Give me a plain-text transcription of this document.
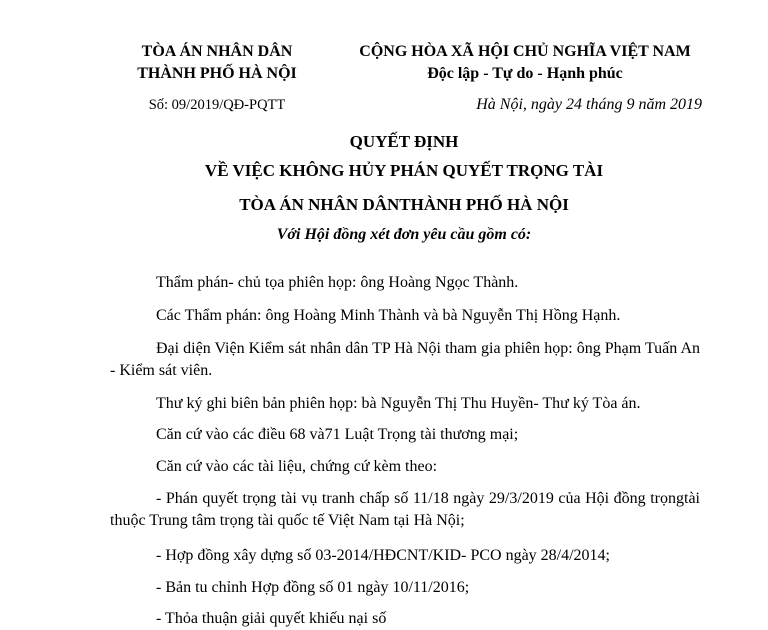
TÒA ÁN NHÂN DÂN
THÀNH PHỐ HÀ NỘI
CỘNG HÒA XÃ HỘI CHỦ NGHĨA VIỆT NAM
Độc lập - Tự do - Hạnh phúc
Số: 09/2019/QĐ-PQTT	Hà Nội, ngày 24 tháng 9 năm 2019
QUYẾT ĐỊNH
VỀ VIỆC KHÔNG HỦY PHÁN QUYẾT TRỌNG TÀI
TÒA ÁN NHÂN DÂNTHÀNH PHỐ HÀ NỘI
Với Hội đồng xét đơn yêu cầu gồm có:
Thẩm phán- chủ tọa phiên họp: ông Hoàng Ngọc Thành.
Các Thẩm phán: ông Hoàng Minh Thành và bà Nguyễn Thị Hồng Hạnh.
Đại diện Viện Kiểm sát nhân dân TP Hà Nội tham gia phiên họp: ông Phạm Tuấn An - Kiểm sát viên.
Thư ký ghi biên bản phiên họp: bà Nguyễn Thị Thu Huyền- Thư ký Tòa án.
Căn cứ vào các điều 68 và71 Luật Trọng tài thương mại;
Căn cứ vào các tài liệu, chứng cứ kèm theo:
- Phán quyết trọng tài vụ tranh chấp số 11/18 ngày 29/3/2019 của Hội đồng trọngtài thuộc Trung tâm trọng tài quốc tế Việt Nam tại Hà Nội;
- Hợp đồng xây dựng số 03-2014/HĐCNT/KID- PCO ngày 28/4/2014;
- Bản tu chỉnh Hợp đồng số 01 ngày 10/11/2016;
- Thỏa thuận giải quyết khiếu nại số
